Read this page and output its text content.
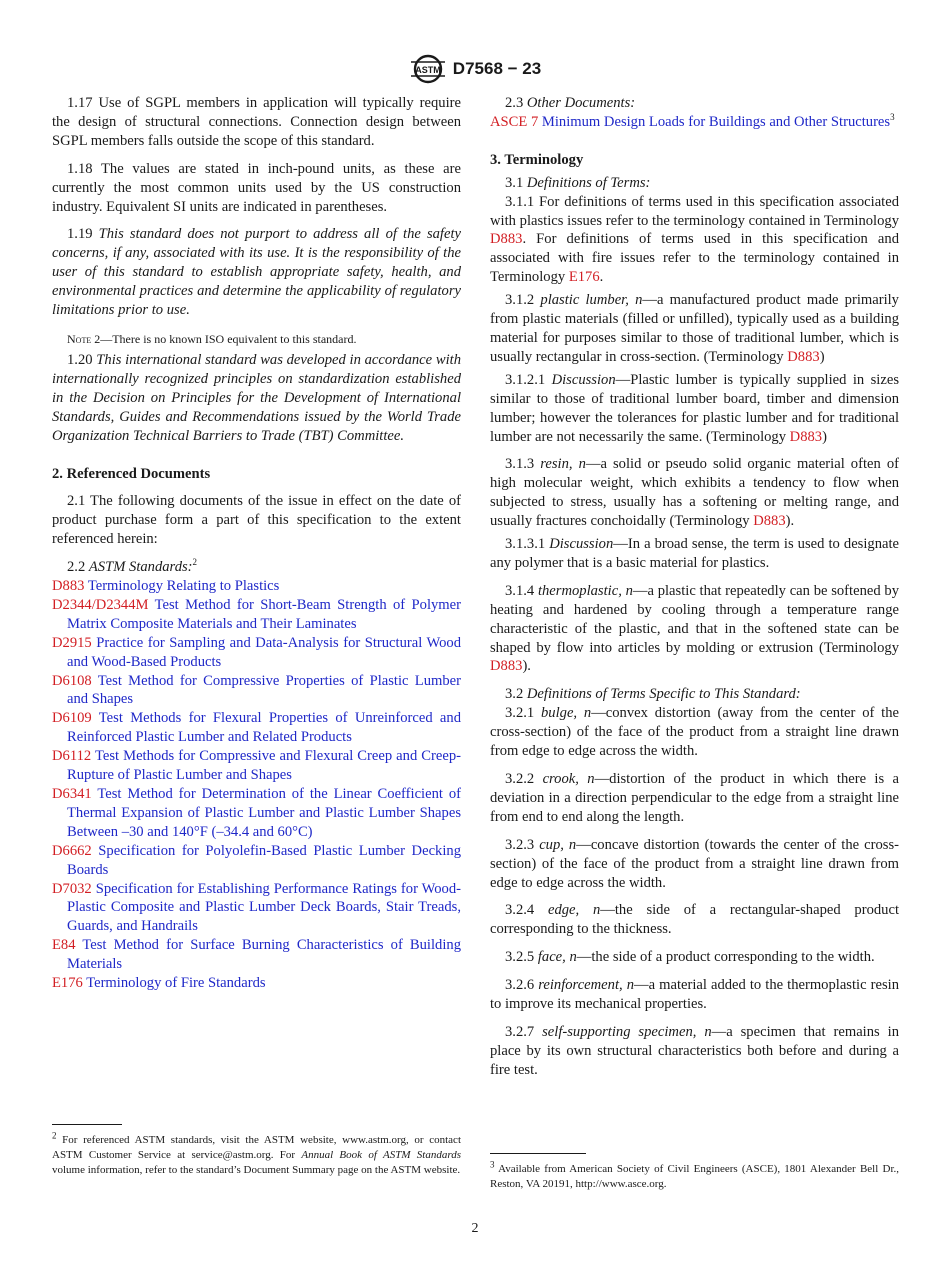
ASTM D7568 − 23

1.17 Use of SGPL members in application will typically require the design of structural connections. Connection design between SGPL members falls outside the scope of this standard.

1.18 The values are stated in inch-pound units, as these are currently the most common units used by the US construction industry. Equivalent SI units are indicated in parentheses.

1.19 This standard does not purport to address all of the safety concerns, if any, associated with its use. It is the responsibility of the user of this standard to establish appropriate safety, health, and environmental practices and determine the applicability of regulatory limitations prior to use.

Note 2—There is no known ISO equivalent to this standard.

1.20 This international standard was developed in accordance with internationally recognized principles on standardization established in the Decision on Principles for the Development of International Standards, Guides and Recommendations issued by the World Trade Organization Technical Barriers to Trade (TBT) Committee.

2. Referenced Documents

2.1 The following documents of the issue in effect on the date of product purchase form a part of this specification to the extent referenced herein:

2.2 ASTM Standards:$^2$

D883 Terminology Relating to Plastics

D2344/D2344M Test Method for Short-Beam Strength of Polymer Matrix Composite Materials and Their Laminates

D2915 Practice for Sampling and Data-Analysis for Structural Wood and Wood-Based Products

D6108 Test Method for Compressive Properties of Plastic Lumber and Shapes

D6109 Test Methods for Flexural Properties of Unreinforced and Reinforced Plastic Lumber and Related Products

D6112 Test Methods for Compressive and Flexural Creep and Creep-Rupture of Plastic Lumber and Shapes

D6341 Test Method for Determination of the Linear Coefficient of Thermal Expansion of Plastic Lumber and Plastic Lumber Shapes Between –30 and 140°F (–34.4 and 60°C)

D6662 Specification for Polyolefin-Based Plastic Lumber Decking Boards

D7032 Specification for Establishing Performance Ratings for Wood-Plastic Composite and Plastic Lumber Deck Boards, Stair Treads, Guards, and Handrails

E84 Test Method for Surface Burning Characteristics of Building Materials

E176 Terminology of Fire Standards

$^2$ For referenced ASTM standards, visit the ASTM website, www.astm.org, or contact ASTM Customer Service at service@astm.org. For Annual Book of ASTM Standards volume information, refer to the standard’s Document Summary page on the ASTM website.

2.3 Other Documents:

ASCE 7 Minimum Design Loads for Buildings and Other Structures$^3$

3. Terminology

3.1 Definitions of Terms:

3.1.1 For definitions of terms used in this specification associated with plastics issues refer to the terminology contained in Terminology D883. For definitions of terms used in this specification and associated with fire issues refer to the terminology contained in Terminology E176.

3.1.2 plastic lumber, n—a manufactured product made primarily from plastic materials (filled or unfilled), typically used as a building material for purposes similar to those of traditional lumber, which is usually rectangular in cross-section. (Terminology D883)

3.1.2.1 Discussion—Plastic lumber is typically supplied in sizes similar to those of traditional lumber board, timber and dimension lumber; however the tolerances for plastic lumber and for traditional lumber are not necessarily the same. (Terminology D883)

3.1.3 resin, n—a solid or pseudo solid organic material often of high molecular weight, which exhibits a tendency to flow when subjected to stress, usually has a softening or melting range, and usually fractures conchoidally (Terminology D883).

3.1.3.1 Discussion—In a broad sense, the term is used to designate any polymer that is a basic material for plastics.

3.1.4 thermoplastic, n—a plastic that repeatedly can be softened by heating and hardened by cooling through a temperature range characteristic of the plastic, and that in the softened state can be shaped by flow into articles by molding or extrusion (Terminology D883).

3.2 Definitions of Terms Specific to This Standard:

3.2.1 bulge, n—convex distortion (away from the center of the cross-section) of the face of the product from a straight line drawn from edge to edge across the width.

3.2.2 crook, n—distortion of the product in which there is a deviation in a direction perpendicular to the edge from a straight line from end to end along the length.

3.2.3 cup, n—concave distortion (towards the center of the cross-section) of the face of the product from a straight line drawn from edge to edge across the width.

3.2.4 edge, n—the side of a rectangular-shaped product corresponding to the thickness.

3.2.5 face, n—the side of a product corresponding to the width.

3.2.6 reinforcement, n—a material added to the thermoplastic resin to improve its mechanical properties.

3.2.7 self-supporting specimen, n—a specimen that remains in place by its own structural characteristics both before and during a fire test.

$^3$ Available from American Society of Civil Engineers (ASCE), 1801 Alexander Bell Dr., Reston, VA 20191, http://www.asce.org.
2
